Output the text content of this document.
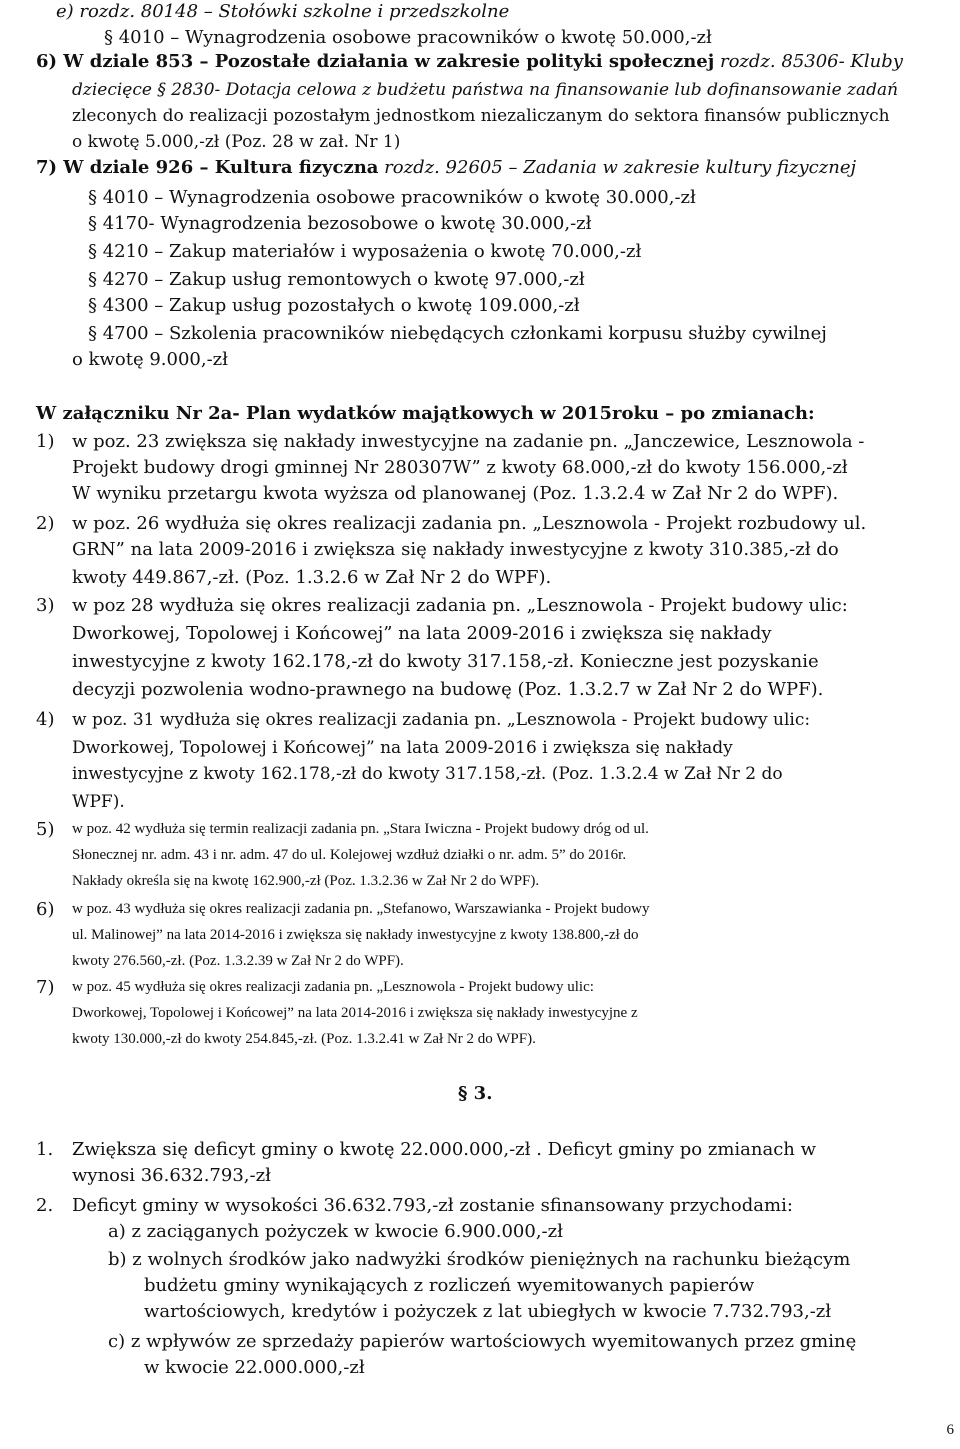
e) rozdz. 80148 – Stołówki szkolne i przedszkolne
§ 4010 – Wynagrodzenia osobowe pracowników o kwotę 50.000,-zł
6) W dziale 853 – Pozostałe działania w zakresie polityki społecznej rozdz. 85306- Kluby
dziecięce § 2830- Dotacja celowa z budżetu państwa na finansowanie lub dofinansowanie zadań
zleconych do realizacji pozostałym jednostkom niezaliczanym do sektora finansów publicznych
o kwotę 5.000,-zł (Poz. 28 w zał. Nr 1)
7) W dziale 926 – Kultura fizyczna rozdz. 92605 – Zadania w zakresie kultury fizycznej
§ 4010 – Wynagrodzenia osobowe pracowników o kwotę 30.000,-zł
§ 4170- Wynagrodzenia bezosobowe o kwotę 30.000,-zł
§ 4210 – Zakup materiałów i wyposażenia o kwotę 70.000,-zł
§ 4270 – Zakup usług remontowych o kwotę 97.000,-zł
§ 4300 – Zakup usług pozostałych o kwotę 109.000,-zł
§ 4700 – Szkolenia pracowników niebędących członkami korpusu służby cywilnej
o kwotę 9.000,-zł
W załączniku Nr 2a- Plan wydatków majątkowych w 2015roku – po zmianach:
1) w poz. 23 zwiększa się nakłady inwestycyjne na zadanie pn. „Janczewice, Lesznowola -
Projekt budowy drogi gminnej Nr 280307W” z kwoty 68.000,-zł do kwoty 156.000,-zł
W wyniku przetargu kwota wyższa od planowanej (Poz. 1.3.2.4 w Zał Nr 2 do WPF).
2) w poz. 26 wydłuża się okres realizacji zadania pn. „Lesznowola - Projekt rozbudowy ul.
GRN” na lata 2009-2016 i zwiększa się nakłady inwestycyjne z kwoty 310.385,-zł do
kwoty 449.867,-zł. (Poz. 1.3.2.6 w Zał Nr 2 do WPF).
3) w poz 28 wydłuża się okres realizacji zadania pn. „Lesznowola - Projekt budowy ulic:
Dworkowej, Topolowej i Końcowej” na lata 2009-2016 i zwiększa się nakłady
inwestycyjne z kwoty 162.178,-zł do kwoty 317.158,-zł. Konieczne jest pozyskanie
decyzji pozwolenia wodno-prawnego na budowę (Poz. 1.3.2.7 w Zał Nr 2 do WPF).
4) w poz. 31 wydłuża się okres realizacji zadania pn. „Lesznowola - Projekt budowy ulic:
Dworkowej, Topolowej i Końcowej” na lata 2009-2016 i zwiększa się nakłady
inwestycyjne z kwoty 162.178,-zł do kwoty 317.158,-zł. (Poz. 1.3.2.4 w Zał Nr 2 do
WPF).
5) w poz. 42 wydłuża się termin realizacji zadania pn. „Stara Iwiczna - Projekt budowy dróg od ul.
Słonecznej nr. adm. 43 i nr. adm. 47 do ul. Kolejowej wzdłuż działki o nr. adm. 5” do 2016r.
Nakłady określa się na kwotę 162.900,-zł (Poz. 1.3.2.36 w Zał Nr 2 do WPF).
6) w poz. 43 wydłuża się okres realizacji zadania pn. „Stefanowo, Warszawianka - Projekt budowy
ul. Malinowej” na lata 2014-2016 i zwiększa się nakłady inwestycyjne z kwoty 138.800,-zł do
kwoty 276.560,-zł. (Poz. 1.3.2.39 w Zał Nr 2 do WPF).
7) w poz. 45 wydłuża się okres realizacji zadania pn. „Lesznowola - Projekt budowy ulic:
Dworkowej, Topolowej i Końcowej” na lata 2014-2016 i zwiększa się nakłady inwestycyjne z
kwoty 130.000,-zł do kwoty 254.845,-zł. (Poz. 1.3.2.41 w Zał Nr 2 do WPF).
§ 3.
1. Zwiększa się deficyt gminy o kwotę 22.000.000,-zł . Deficyt gminy po zmianach w
wynosi 36.632.793,-zł
2. Deficyt gminy w wysokości 36.632.793,-zł zostanie sfinansowany przychodami:
a) z zaciąganych pożyczek w kwocie 6.900.000,-zł
b) z wolnych środków jako nadwyżki środków pieniężnych na rachunku bieżącym
budżetu gminy wynikających z rozliczeń wyemitowanych papierów
wartościowych, kredytów i pożyczek z lat ubiegłych w kwocie 7.732.793,-zł
c) z wpływów ze sprzedaży papierów wartościowych wyemitowanych przez gminę
w kwocie 22.000.000,-zł
6
